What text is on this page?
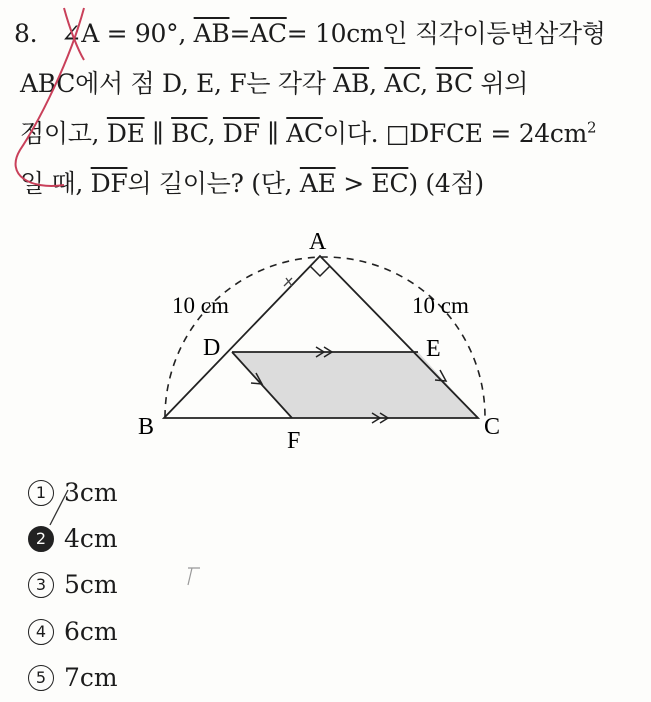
8. ∠A = 90°, $\overline{AB}=\overline{AC}= 10cm$인 직각이등변삼각형
ABC에서 점 D, E, F는 각각 $\overline{AB}$, $\overline{AC}$, $\overline{BC}$ 위의
점이고, $\overline{DE}$ ∥ $\overline{BC}$, $\overline{DF}$ ∥ $\overline{AC}$이다. □DFCE = $24cm^2$
일 때, $\overline{DF}$의 길이는? (단, $\overline{AE} > \overline{EC}$) (4점)
A
B	C
D	E
F
10 cm	10 cm
1 3cm
2 4cm
3 5cm
4 6cm
5 7cm
